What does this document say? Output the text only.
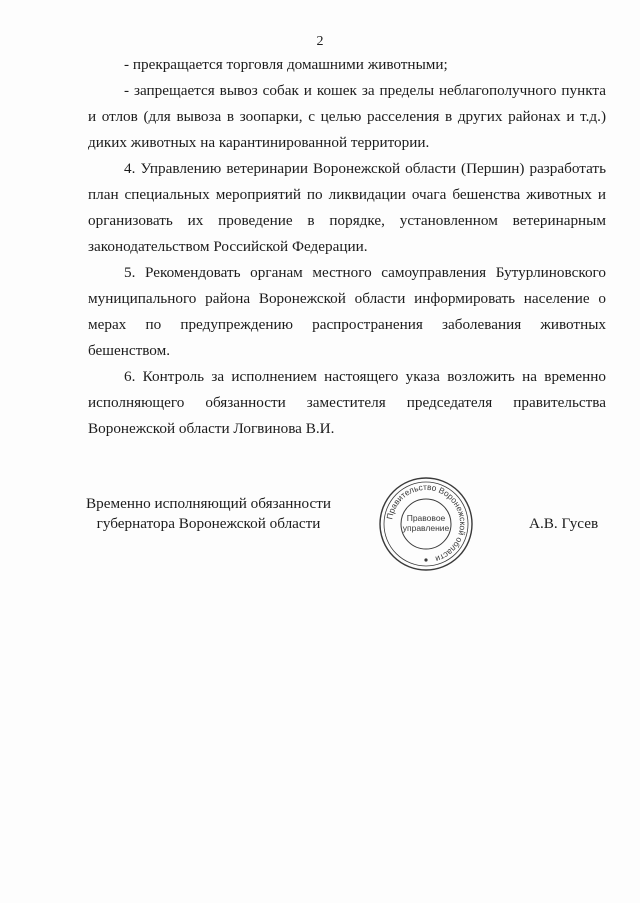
2

- прекращается торговля домашними животными;

- запрещается вывоз собак и кошек за пределы неблагополучного пункта и отлов (для вывоза в зоопарки, с целью расселения в других районах и т.д.) диких животных на карантинированной территории.

4. Управлению ветеринарии Воронежской области (Першин) разработать план специальных мероприятий по ликвидации очага бешенства животных и организовать их проведение в порядке, установленном ветеринарным законодательством Российской Федерации.

5. Рекомендовать органам местного самоуправления Бутурлиновского муниципального района Воронежской области информировать население о мерах по предупреждению распространения заболевания животных бешенством.

6. Контроль за исполнением настоящего указа возложить на временно исполняющего обязанности заместителя председателя правительства Воронежской области Логвинова В.И.

Временно исполняющий обязанности
губернатора Воронежской области	А.В. Гусев
Правительство Воронежской области
Правовое
управление
